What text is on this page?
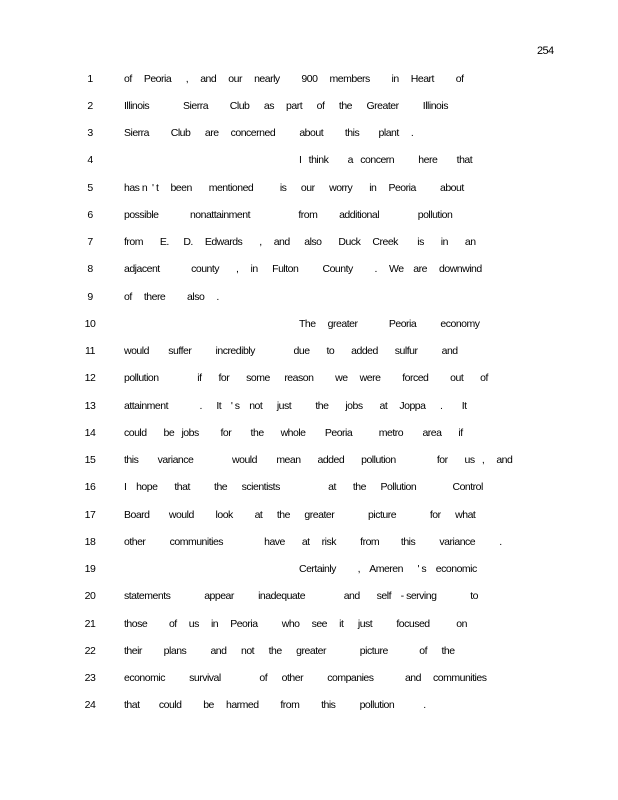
254
1	of     Peoria      ,     and     our     nearly         900     members         in     Heart         of
2	Illinois              Sierra         Club      as     part      of      the      Greater          Illinois
3	Sierra         Club      are     concerned          about         this        plant     .
4	I   think        a   concern          here        that
5	has n  ' t     been       mentioned           is      our      worry       in     Peoria          about
6	possible             nonattainment                    from         additional                pollution
7	from       E.      D.     Edwards       ,     and      also       Duck     Creek        is       in       an
8	adjacent             county       ,     in      Fulton          County         .     We    are     downwind
9	of     there         also     .
10	The     greater             Peoria          economy
11	would        suffer          incredibly                due       to       added       sulfur          and
12	pollution                if       for       some      reason         we     were         forced         out       of
13	attainment             .      It    ' s    not      just          the       jobs       at     Joppa      .        It
14	could       be   jobs         for        the       whole        Peoria           metro        area       if
15	this        variance                would        mean       added       pollution                 for       us   ,     and
16	I    hope       that          the      scientists                    at       the      Pollution               Control
17	Board        would         look         at      the      greater              picture              for      what
18	other          communities                 have       at     risk          from         this          variance          .
19	Certainly         ,    Ameren      ' s    economic
20	statements              appear          inadequate                and       self    - serving              to
21	those         of     us     in     Peoria          who     see     it      just          focused           on
22	their         plans          and      not      the      greater              picture             of      the
23	economic          survival                of      other          companies             and     communities
24	that        could         be     harmed         from         this          pollution            .
